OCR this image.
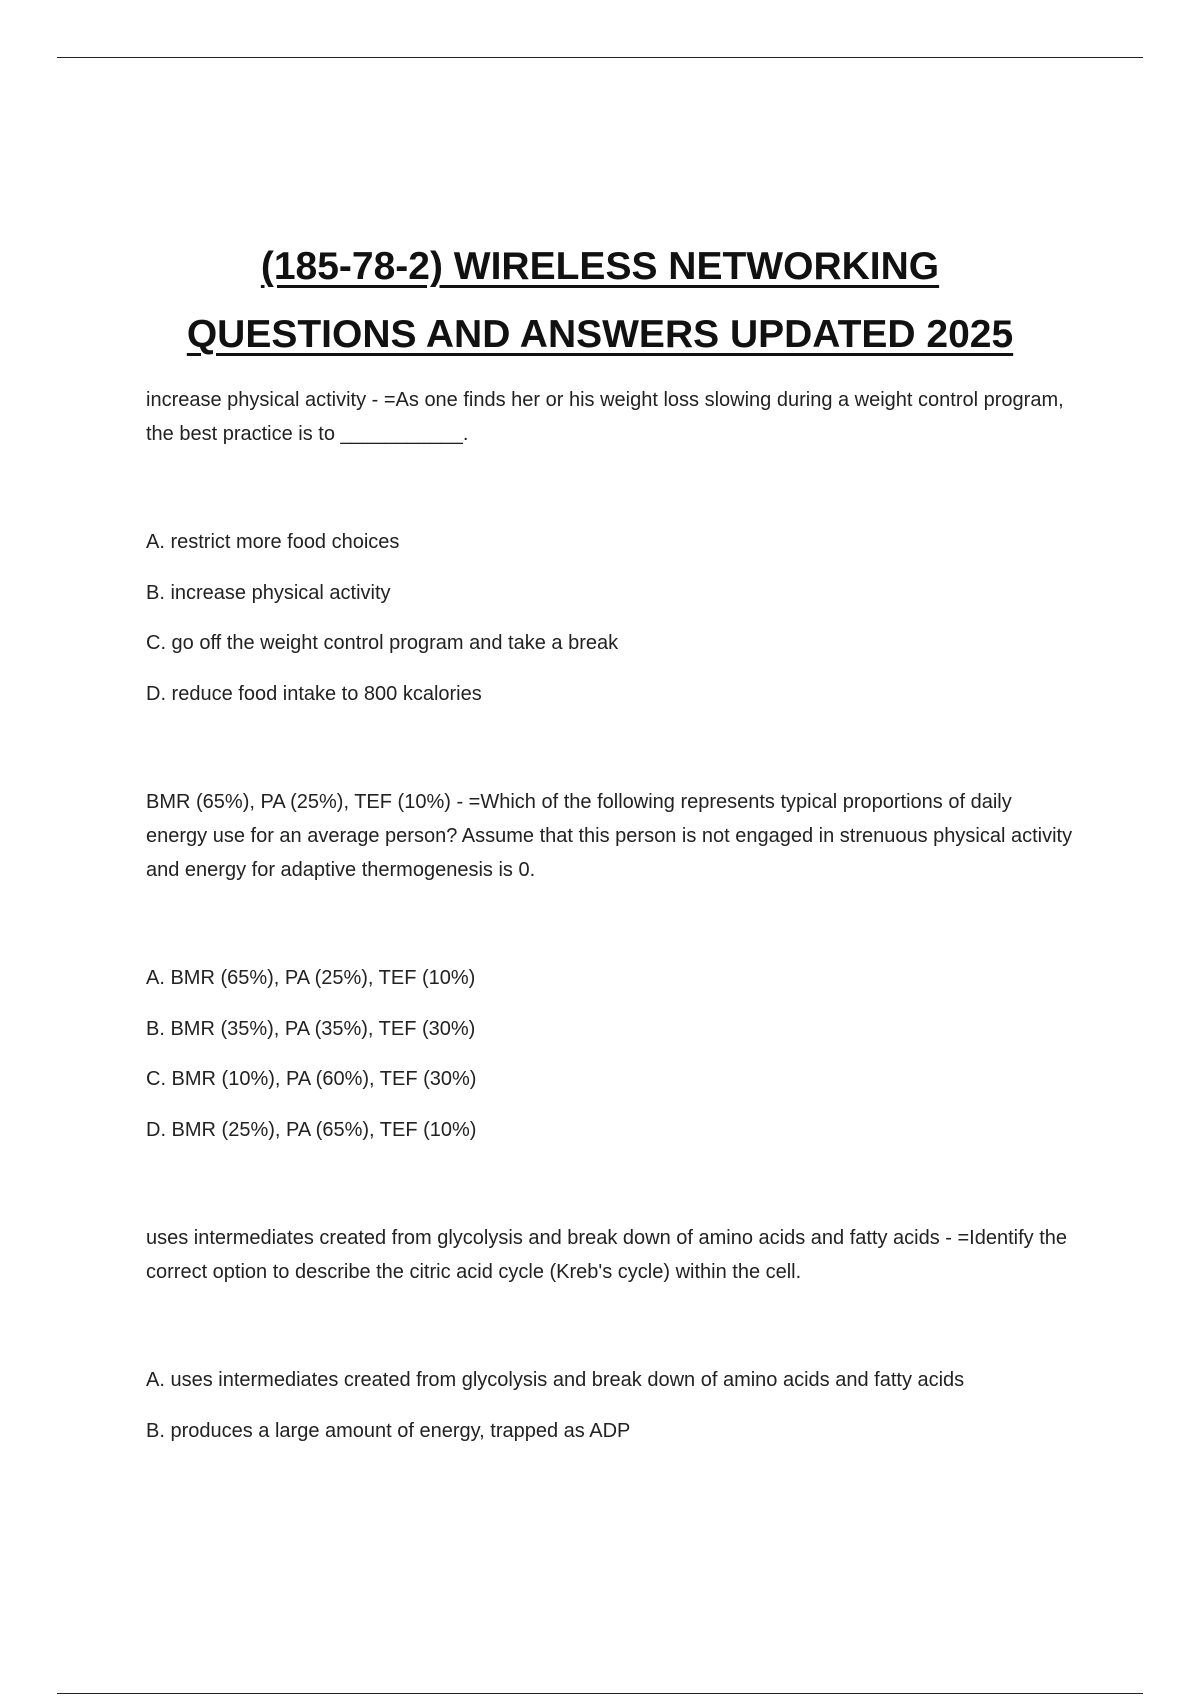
(185-78-2) WIRELESS NETWORKING
QUESTIONS AND ANSWERS UPDATED 2025

increase physical activity - =As one finds her or his weight loss slowing during a weight control program, the best practice is to ___________.

A. restrict more food choices
B. increase physical activity
C. go off the weight control program and take a break
D. reduce food intake to 800 kcalories

BMR (65%), PA (25%), TEF (10%) - =Which of the following represents typical proportions of daily energy use for an average person? Assume that this person is not engaged in strenuous physical activity and energy for adaptive thermogenesis is 0.

A. BMR (65%), PA (25%), TEF (10%)
B. BMR (35%), PA (35%), TEF (30%)
C. BMR (10%), PA (60%), TEF (30%)
D. BMR (25%), PA (65%), TEF (10%)

uses intermediates created from glycolysis and break down of amino acids and fatty acids - =Identify the correct option to describe the citric acid cycle (Kreb's cycle) within the cell.

A. uses intermediates created from glycolysis and break down of amino acids and fatty acids
B. produces a large amount of energy, trapped as ADP
